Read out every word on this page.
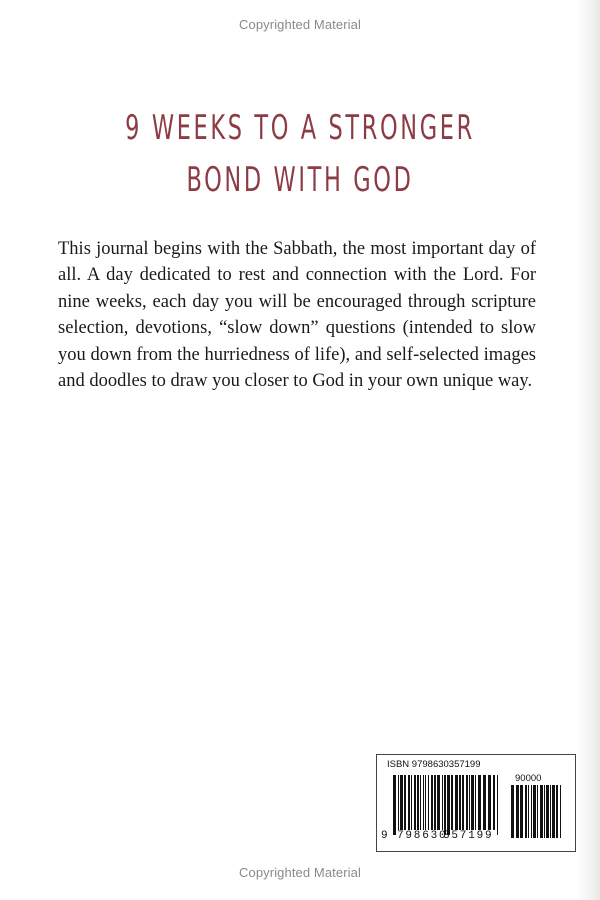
Copyrighted Material
9 WEEKS TO A STRONGER
BOND WITH GOD
This journal begins with the Sabbath, the most important day of all. A day dedicated to rest and connection with the Lord. For nine weeks, each day you will be encouraged through scripture selection, devotions, “slow down” questions (intended to slow you down from the hurriedness of life), and self-selected images and doodles to draw you closer to God in your own unique way.
ISBN 9798630357199
90000
9 798630
357199
Copyrighted Material
